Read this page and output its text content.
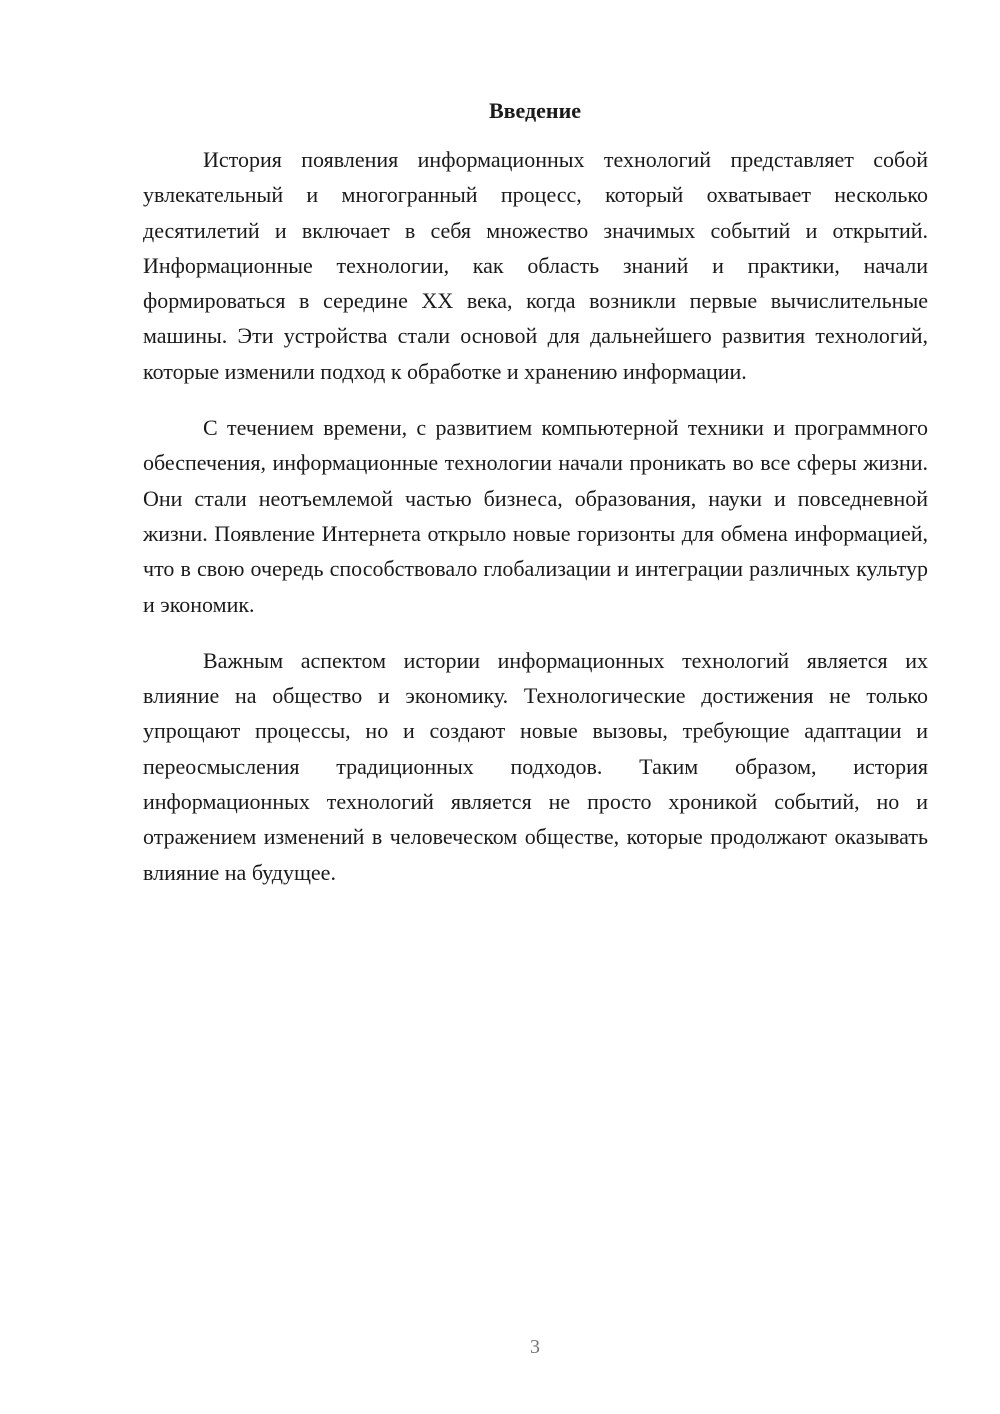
Введение

История появления информационных технологий представляет собой увлекательный и многогранный процесс, который охватывает несколько десятилетий и включает в себя множество значимых событий и открытий. Информационные технологии, как область знаний и практики, начали формироваться в середине XX века, когда возникли первые вычислительные машины. Эти устройства стали основой для дальнейшего развития технологий, которые изменили подход к обработке и хранению информации.

С течением времени, с развитием компьютерной техники и программного обеспечения, информационные технологии начали проникать во все сферы жизни. Они стали неотъемлемой частью бизнеса, образования, науки и повседневной жизни. Появление Интернета открыло новые горизонты для обмена информацией, что в свою очередь способствовало глобализации и интеграции различных культур и экономик.

Важным аспектом истории информационных технологий является их влияние на общество и экономику. Технологические достижения не только упрощают процессы, но и создают новые вызовы, требующие адаптации и переосмысления традиционных подходов. Таким образом, история информационных технологий является не просто хроникой событий, но и отражением изменений в человеческом обществе, которые продолжают оказывать влияние на будущее.

3
